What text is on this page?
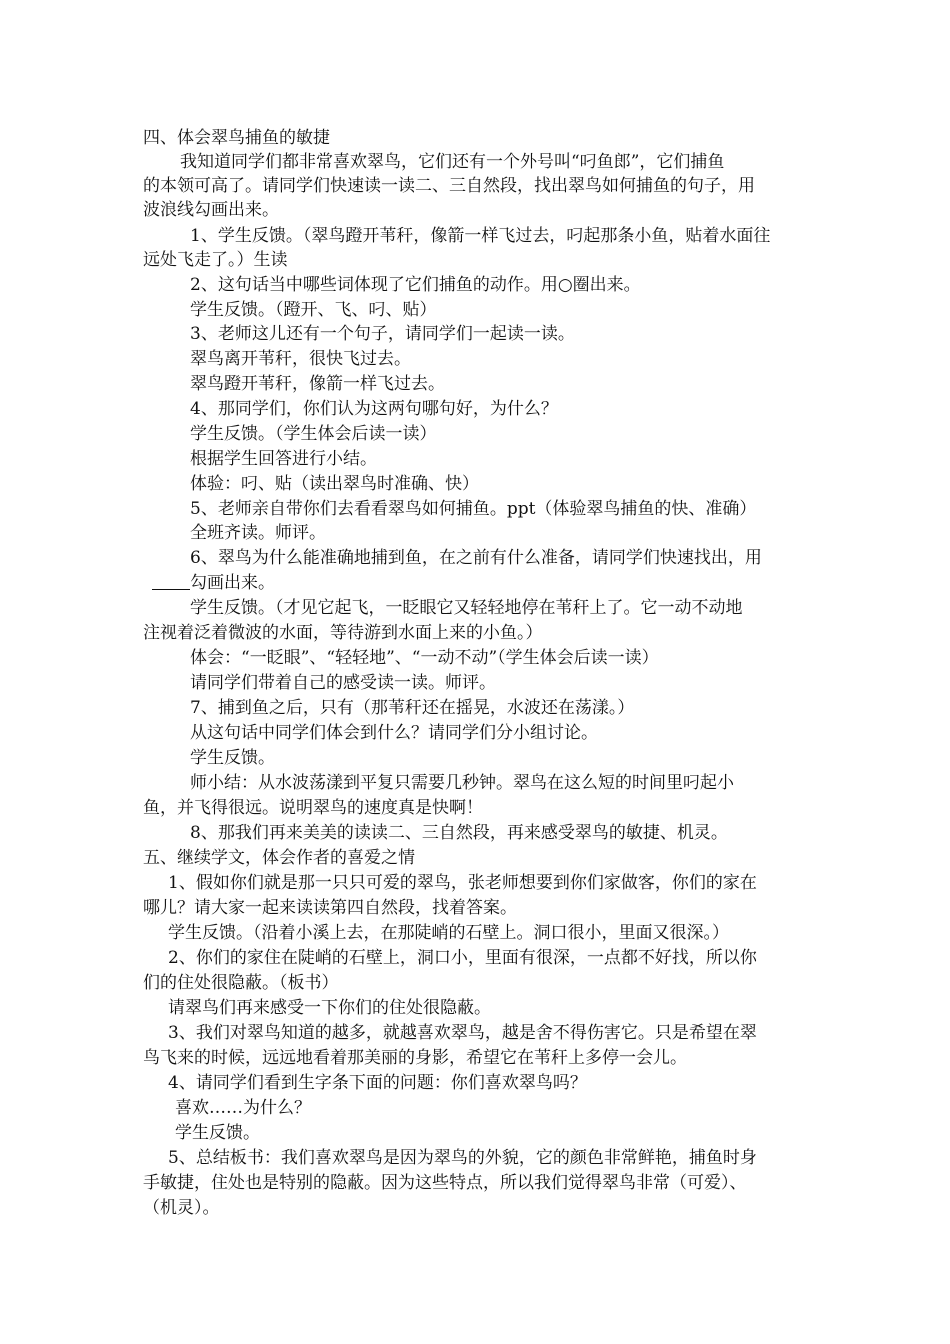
四、体会翠鸟捕鱼的敏捷
我知道同学们都非常喜欢翠鸟，它们还有一个外号叫“叼鱼郎”，它们捕鱼
的本领可高了。请同学们快速读一读二、三自然段，找出翠鸟如何捕鱼的句子，用
波浪线勾画出来。
1、学生反馈。（翠鸟蹬开苇秆，像箭一样飞过去，叼起那条小鱼，贴着水面往
远处飞走了。）生读
2、这句话当中哪些词体现了它们捕鱼的动作。用○圈出来。
学生反馈。（蹬开、飞、叼、贴）
3、老师这儿还有一个句子，请同学们一起读一读。
翠鸟离开苇秆，很快飞过去。
翠鸟蹬开苇秆，像箭一样飞过去。
4、那同学们，你们认为这两句哪句好，为什么？
学生反馈。（学生体会后读一读）
根据学生回答进行小结。
体验：叼、贴（读出翠鸟时准确、快）
5、老师亲自带你们去看看翠鸟如何捕鱼。ppt（体验翠鸟捕鱼的快、准确）
全班齐读。师评。
6、翠鸟为什么能准确地捕到鱼，在之前有什么准备，请同学们快速找出，用
勾画出来。
学生反馈。（才见它起飞，一眨眼它又轻轻地停在苇秆上了。它一动不动地
注视着泛着微波的水面，等待游到水面上来的小鱼。）
体会：“一眨眼”、“轻轻地”、“一动不动”（学生体会后读一读）
请同学们带着自己的感受读一读。师评。
7、捕到鱼之后，只有（那苇秆还在摇晃，水波还在荡漾。）
从这句话中同学们体会到什么？请同学们分小组讨论。
学生反馈。
师小结：从水波荡漾到平复只需要几秒钟。翠鸟在这么短的时间里叼起小
鱼，并飞得很远。说明翠鸟的速度真是快啊！
8、那我们再来美美的读读二、三自然段，再来感受翠鸟的敏捷、机灵。
五、继续学文，体会作者的喜爱之情
1、假如你们就是那一只只可爱的翠鸟，张老师想要到你们家做客，你们的家在
哪儿？请大家一起来读读第四自然段，找着答案。
学生反馈。（沿着小溪上去，在那陡峭的石壁上。洞口很小，里面又很深。）
2、你们的家住在陡峭的石壁上，洞口小，里面有很深，一点都不好找，所以你
们的住处很隐蔽。（板书）
请翠鸟们再来感受一下你们的住处很隐蔽。
3、我们对翠鸟知道的越多，就越喜欢翠鸟，越是舍不得伤害它。只是希望在翠
鸟飞来的时候，远远地看着那美丽的身影，希望它在苇秆上多停一会儿。
4、请同学们看到生字条下面的问题：你们喜欢翠鸟吗？
喜欢……为什么？
学生反馈。
5、总结板书：我们喜欢翠鸟是因为翠鸟的外貌，它的颜色非常鲜艳，捕鱼时身
手敏捷，住处也是特别的隐蔽。因为这些特点，所以我们觉得翠鸟非常（可爱）、
（机灵）。
